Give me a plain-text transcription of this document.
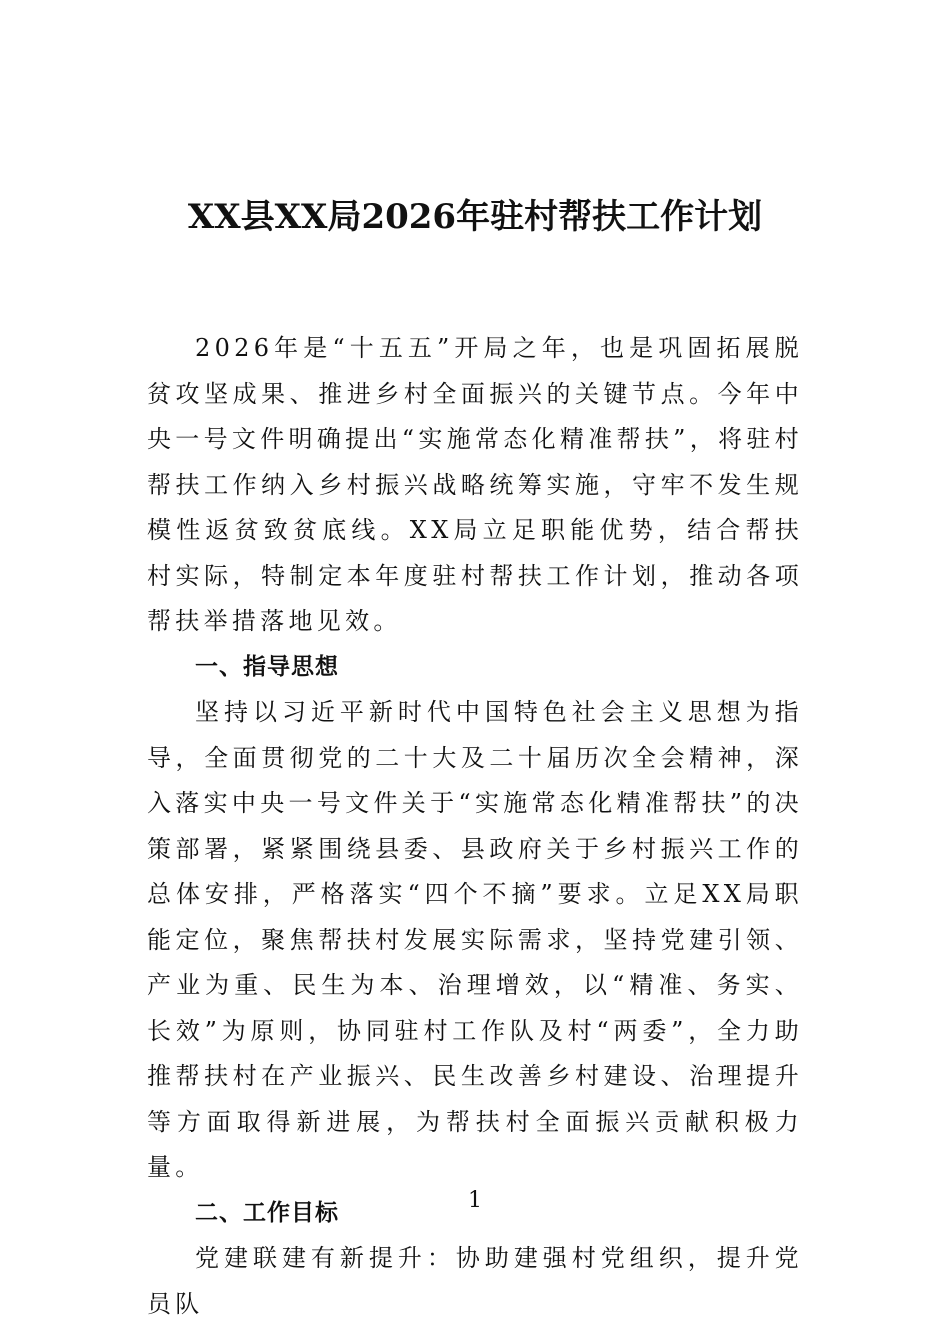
XX县XX局2026年驻村帮扶工作计划

2026年是“十五五”开局之年，也是巩固拓展脱贫攻坚成果、推进乡村全面振兴的关键节点。今年中央一号文件明确提出“实施常态化精准帮扶”，将驻村帮扶工作纳入乡村振兴战略统筹实施，守牢不发生规模性返贫致贫底线。XX局立足职能优势，结合帮扶村实际，特制定本年度驻村帮扶工作计划，推动各项帮扶举措落地见效。

一、指导思想

坚持以习近平新时代中国特色社会主义思想为指导，全面贯彻党的二十大及二十届历次全会精神，深入落实中央一号文件关于“实施常态化精准帮扶”的决策部署，紧紧围绕县委、县政府关于乡村振兴工作的总体安排，严格落实“四个不摘”要求。立足XX局职能定位，聚焦帮扶村发展实际需求，坚持党建引领、产业为重、民生为本、治理增效，以“精准、务实、长效”为原则，协同驻村工作队及村“两委”，全力助推帮扶村在产业振兴、民生改善乡村建设、治理提升等方面取得新进展，为帮扶村全面振兴贡献积极力量。

二、工作目标

党建联建有新提升：协助建强村党组织，提升党员队

1
